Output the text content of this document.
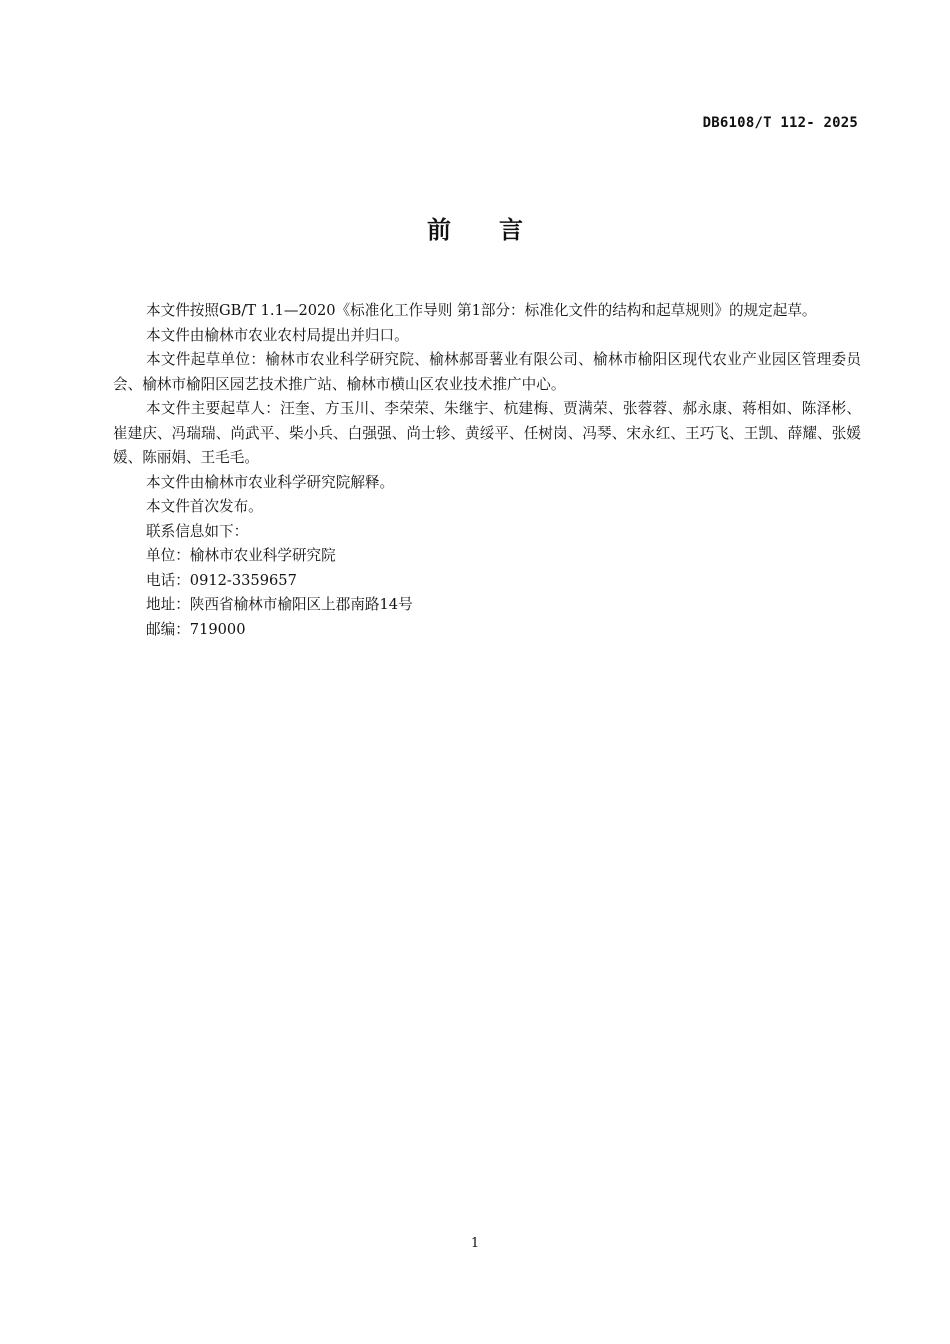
DB6108/T 112- 2025
前 言

本文件按照GB/T 1.1—2020《标准化工作导则 第1部分：标准化文件的结构和起草规则》的规定起草。

本文件由榆林市农业农村局提出并归口。

本文件起草单位：榆林市农业科学研究院、榆林郝哥薯业有限公司、榆林市榆阳区现代农业产业园区管理委员会、榆林市榆阳区园艺技术推广站、榆林市横山区农业技术推广中心。

本文件主要起草人：汪奎、方玉川、李荣荣、朱继宇、杭建梅、贾满荣、张蓉蓉、郝永康、蒋相如、陈泽彬、崔建庆、冯瑞瑞、尚武平、柴小兵、白强强、尚士轸、黄绥平、任树岗、冯琴、宋永红、王巧飞、王凯、薛耀、张媛媛、陈丽娟、王毛毛。

本文件由榆林市农业科学研究院解释。

本文件首次发布。

联系信息如下：

单位：榆林市农业科学研究院

电话：0912-3359657

地址：陕西省榆林市榆阳区上郡南路14号

邮编：719000

1
